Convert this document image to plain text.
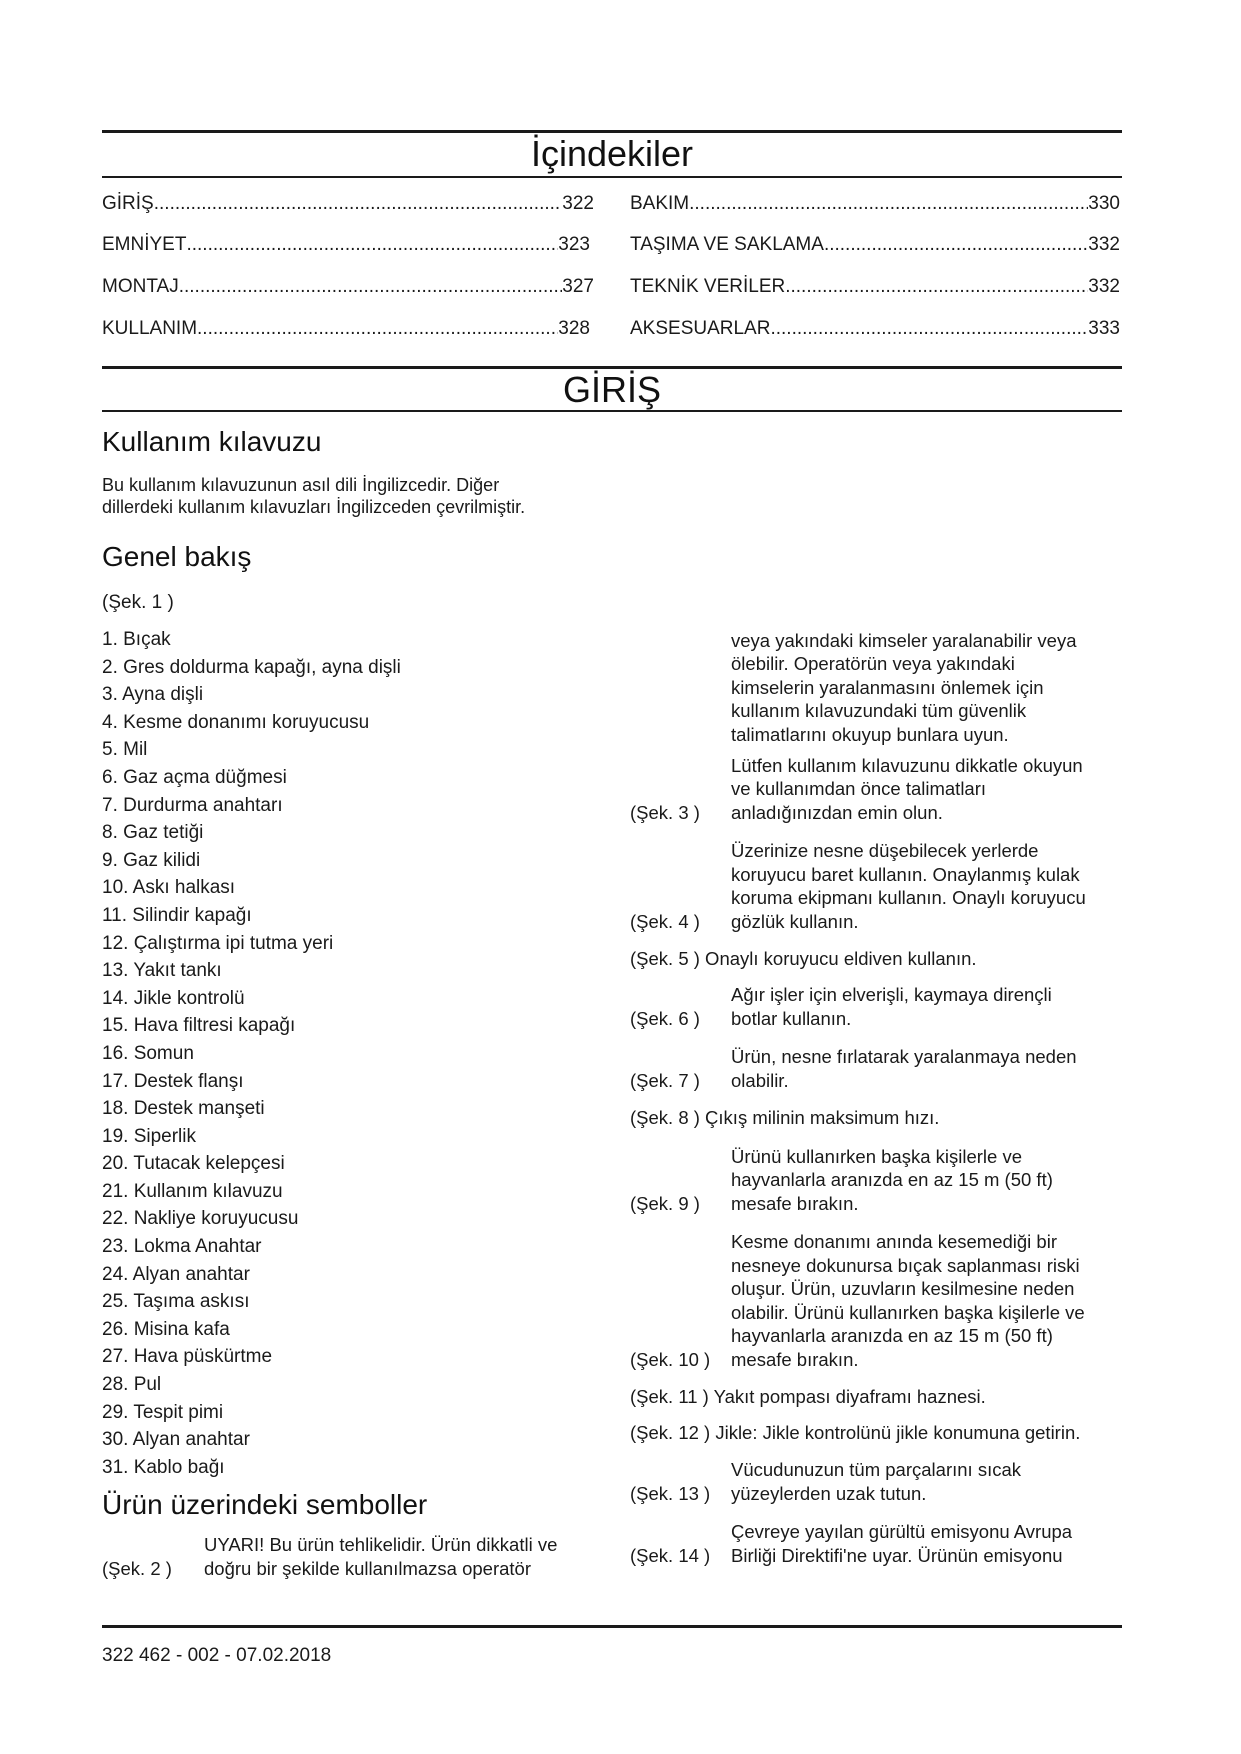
İçindekiler
GİRİŞ .....	322
EMNİYET .....	323
MONTAJ .....	327
KULLANIM .....	328
BAKIM .....	330
TAŞIMA VE SAKLAMA .....	332
TEKNİK VERİLER .....	332
AKSESUARLAR .....	333
GİRİŞ
Kullanım kılavuzu
Bu kullanım kılavuzunun asıl dili İngilizcedir. Diğer
dillerdeki kullanım kılavuzları İngilizceden çevrilmiştir.
Genel bakış
(Şek. 1 )
1. Bıçak
2. Gres doldurma kapağı, ayna dişli
3. Ayna dişli
4. Kesme donanımı koruyucusu
5. Mil
6. Gaz açma düğmesi
7. Durdurma anahtarı
8. Gaz tetiği
9. Gaz kilidi
10. Askı halkası
11. Silindir kapağı
12. Çalıştırma ipi tutma yeri
13. Yakıt tankı
14. Jikle kontrolü
15. Hava filtresi kapağı
16. Somun
17. Destek flanşı
18. Destek manşeti
19. Siperlik
20. Tutacak kelepçesi
21. Kullanım kılavuzu
22. Nakliye koruyucusu
23. Lokma Anahtar
24. Alyan anahtar
25. Taşıma askısı
26. Misina kafa
27. Hava püskürtme
28. Pul
29. Tespit pimi
30. Alyan anahtar
31. Kablo bağı
Ürün üzerindeki semboller
(Şek. 2 )
UYARI! Bu ürün tehlikelidir. Ürün dikkatli ve
doğru bir şekilde kullanılmazsa operatör
veya yakındaki kimseler yaralanabilir veya
ölebilir. Operatörün veya yakındaki
kimselerin yaralanmasını önlemek için
kullanım kılavuzundaki tüm güvenlik
talimatlarını okuyup bunlara uyun.
(Şek. 3 )
Lütfen kullanım kılavuzunu dikkatle okuyun
ve kullanımdan önce talimatları
anladığınızdan emin olun.
(Şek. 4 )
Üzerinize nesne düşebilecek yerlerde
koruyucu baret kullanın. Onaylanmış kulak
koruma ekipmanı kullanın. Onaylı koruyucu
gözlük kullanın.
(Şek. 5 ) Onaylı koruyucu eldiven kullanın.
(Şek. 6 )
Ağır işler için elverişli, kaymaya dirençli
botlar kullanın.
(Şek. 7 )
Ürün, nesne fırlatarak yaralanmaya neden
olabilir.
(Şek. 8 ) Çıkış milinin maksimum hızı.
(Şek. 9 )
Ürünü kullanırken başka kişilerle ve
hayvanlarla aranızda en az 15 m (50 ft)
mesafe bırakın.
(Şek. 10 )
Kesme donanımı anında kesemediği bir
nesneye dokunursa bıçak saplanması riski
oluşur. Ürün, uzuvların kesilmesine neden
olabilir. Ürünü kullanırken başka kişilerle ve
hayvanlarla aranızda en az 15 m (50 ft)
mesafe bırakın.
(Şek. 11 ) Yakıt pompası diyaframı haznesi.
(Şek. 12 ) Jikle: Jikle kontrolünü jikle konumuna getirin.
(Şek. 13 )
Vücudunuzun tüm parçalarını sıcak
yüzeylerden uzak tutun.
(Şek. 14 )
Çevreye yayılan gürültü emisyonu Avrupa
Birliği Direktifi'ne uyar. Ürünün emisyonu
322 462 - 002 - 07.02.2018
